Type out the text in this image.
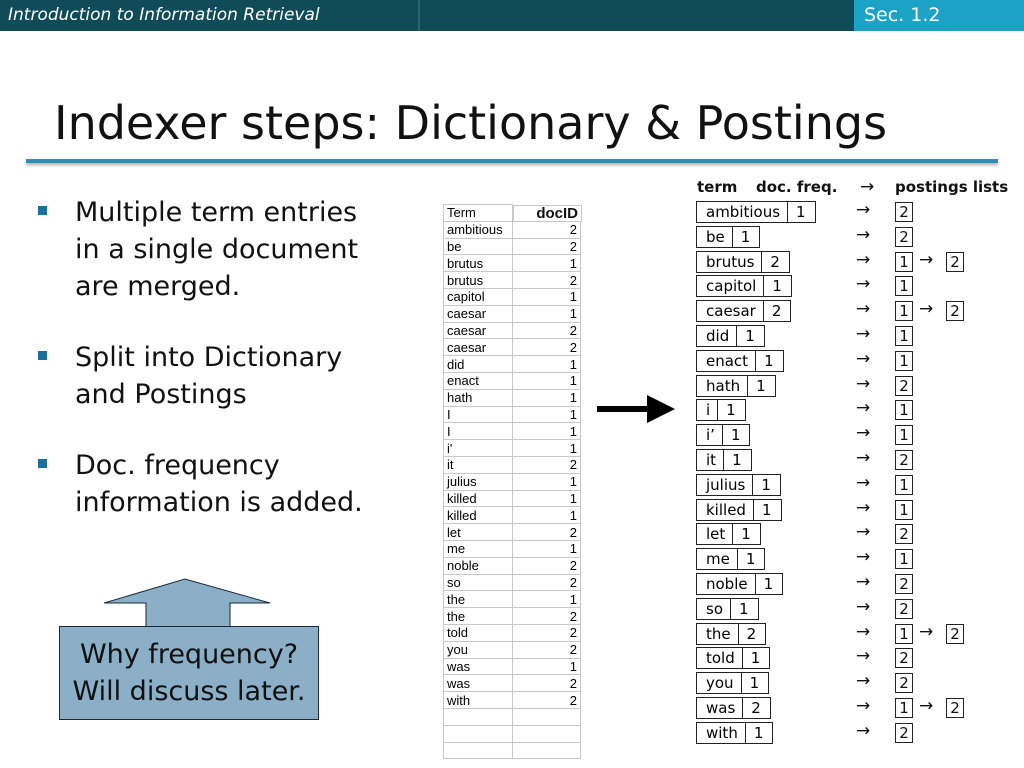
Introduction to Information Retrieval	Sec. 1.2
Indexer steps: Dictionary & Postings
Multiple term entries in a single document are merged.
Split into Dictionary and Postings
Doc. frequency information is added.
Why frequency?
Will discuss later.
Term		docID

ambitious	2
be	2
brutus	1
brutus	2
capitol	1
caesar	1
caesar	2
caesar	2
did	1
enact	1
hath	1
I	1
I	1
i'	1
it	2
julius	1
killed	1
killed	1
let	2
me	1
noble	2
so	2
the	1
the	2
told	2
you	2
was	1
was	2
with	2

term doc. freq. → postings lists
ambitious	1	→ 2
be	1	→ 2
brutus	2	→ 1 → 2
capitol	1	→ 1
caesar	2	→ 1 → 2
did	1	→ 1
enact	1	→ 1
hath	1	→ 2
i	1	→ 1
i’	1	→ 1
it	1	→ 2
julius	1	→ 1
killed	1	→ 1
let	1	→ 2
me	1	→ 1
noble	1	→ 2
so	1	→ 2
the	2	→ 1 → 2
told	1	→ 2
you	1	→ 2
was	2	→ 1 → 2
with	1	→ 2
